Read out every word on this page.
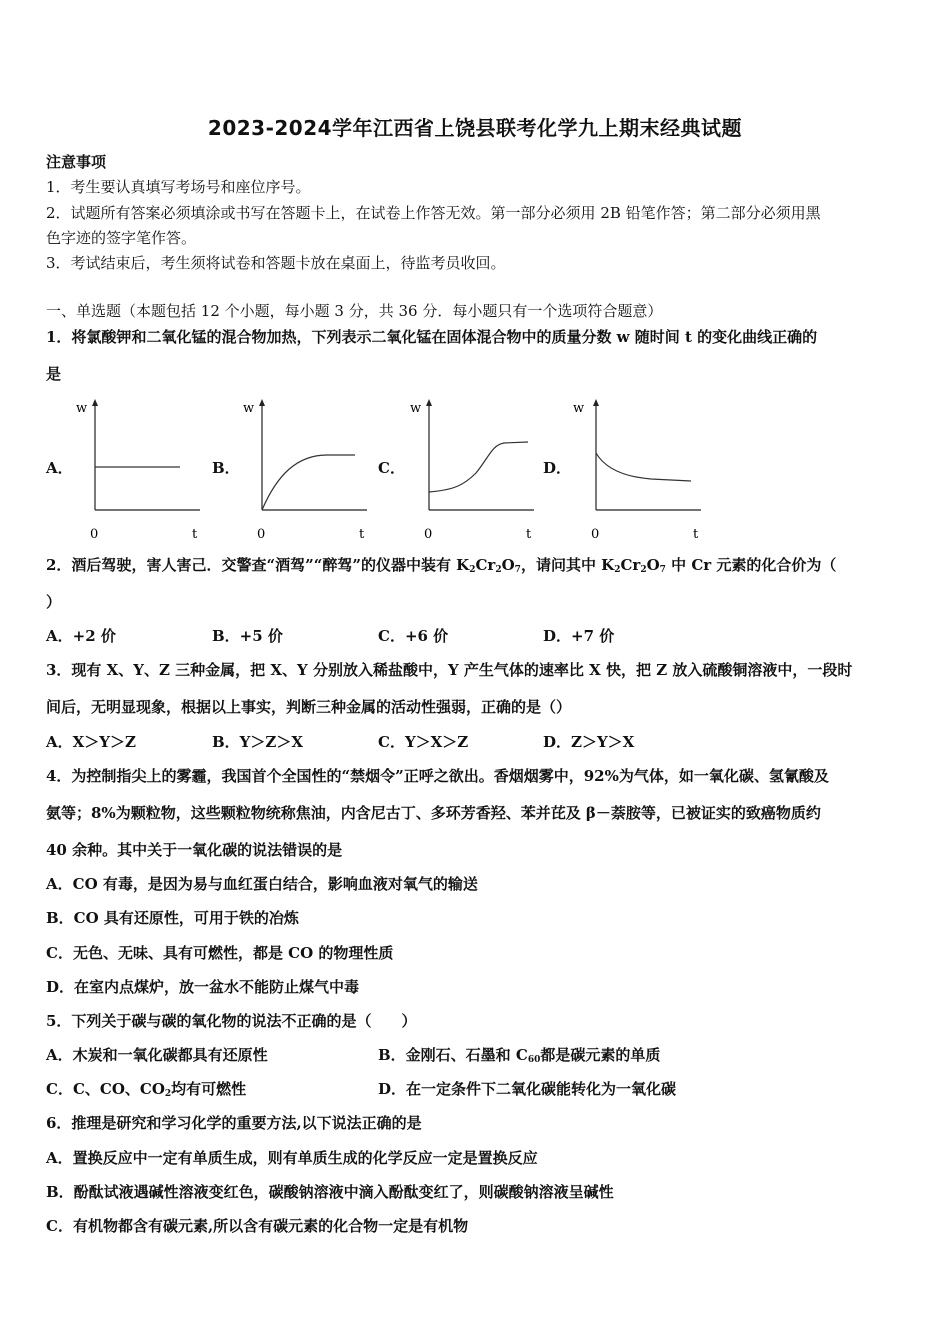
2023-2024学年江西省上饶县联考化学九上期末经典试题
注意事项
1．考生要认真填写考场号和座位序号。
2．试题所有答案必须填涂或书写在答题卡上，在试卷上作答无效。第一部分必须用 2B 铅笔作答；第二部分必须用黑
色字迹的签字笔作答。
3．考试结束后，考生须将试卷和答题卡放在桌面上，待监考员收回。
一、单选题（本题包括 12 个小题，每小题 3 分，共 36 分．每小题只有一个选项符合题意）
1．将氯酸钾和二氧化锰的混合物加热，下列表示二氧化锰在固体混合物中的质量分数 w 随时间 t 的变化曲线正确的
是
A．
w
0	t
B．
w
0	t
C．
w
0	t
D．
w
0	t
2．酒后驾驶，害人害己．交警查“酒驾”“醉驾”的仪器中装有 $K_2Cr_2O_7$，请问其中 $K_2Cr_2O_7$ 中 Cr 元素的化合价为（
）
A．+2 价	B．+5 价	C．+6 价	D．+7 价
3．现有 X、Y、Z 三种金属，把 X、Y 分别放入稀盐酸中，Y 产生气体的速率比 X 快，把 Z 放入硫酸铜溶液中，一段时
间后，无明显现象，根据以上事实，判断三种金属的活动性强弱，正确的是（）
A．X＞Y＞Z	B．Y＞Z＞X	C．Y＞X＞Z	D．Z＞Y＞X
4．为控制指尖上的雾霾，我国首个全国性的“禁烟令”正呼之欲出。香烟烟雾中，92%为气体，如一氧化碳、氢氰酸及
氨等；8%为颗粒物，这些颗粒物统称焦油，内含尼古丁、多环芳香羟、苯并芘及 β－萘胺等，已被证实的致癌物质约
40 余种。其中关于一氧化碳的说法错误的是
A．CO 有毒，是因为易与血红蛋白结合，影响血液对氧气的输送
B．CO 具有还原性，可用于铁的冶炼
C．无色、无味、具有可燃性，都是 CO 的物理性质
D．在室内点煤炉，放一盆水不能防止煤气中毒
5．下列关于碳与碳的氧化物的说法不正确的是（　　）
A．木炭和一氧化碳都具有还原性	B．金刚石、石墨和 $C_{60}$都是碳元素的单质
C．C、CO、$CO_2$均有可燃性	D．在一定条件下二氧化碳能转化为一氧化碳
6．推理是研究和学习化学的重要方法,以下说法正确的是
A．置换反应中一定有单质生成，则有单质生成的化学反应一定是置换反应
B．酚酞试液遇碱性溶液变红色，碳酸钠溶液中滴入酚酞变红了，则碳酸钠溶液呈碱性
C．有机物都含有碳元素,所以含有碳元素的化合物一定是有机物
